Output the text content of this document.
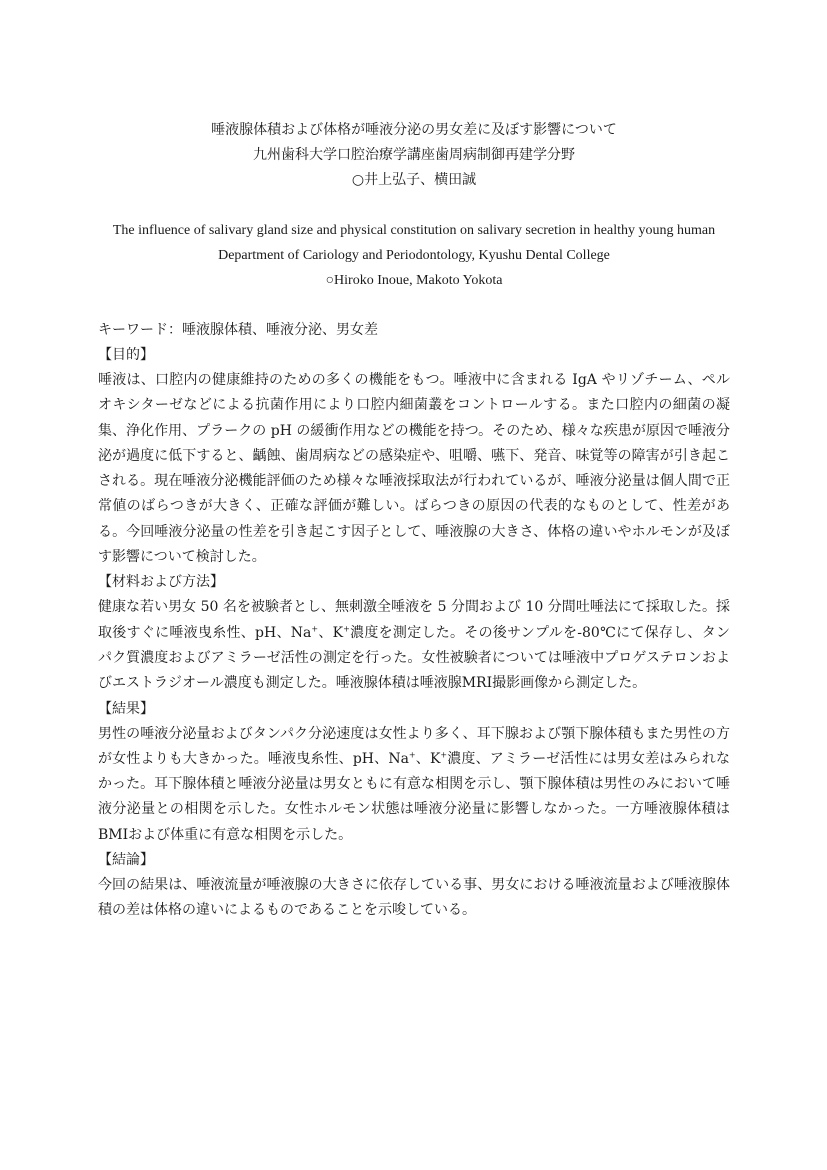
唾液腺体積および体格が唾液分泌の男女差に及ぼす影響について
九州歯科大学口腔治療学講座歯周病制御再建学分野
○井上弘子、横田誠
The influence of salivary gland size and physical constitution on salivary secretion in healthy young human
Department of Cariology and Periodontology, Kyushu Dental College
○Hiroko Inoue, Makoto Yokota
キーワード：唾液腺体積、唾液分泌、男女差
【目的】
唾液は、口腔内の健康維持のための多くの機能をもつ。唾液中に含まれる IgA やリゾチーム、ペルオキシターゼなどによる抗菌作用により口腔内細菌叢をコントロールする。また口腔内の細菌の凝集、浄化作用、プラークの pH の緩衝作用などの機能を持つ。そのため、様々な疾患が原因で唾液分泌が過度に低下すると、齲蝕、歯周病などの感染症や、咀嚼、嚥下、発音、味覚等の障害が引き起こされる。現在唾液分泌機能評価のため様々な唾液採取法が行われているが、唾液分泌量は個人間で正常値のばらつきが大きく、正確な評価が難しい。ばらつきの原因の代表的なものとして、性差がある。今回唾液分泌量の性差を引き起こす因子として、唾液腺の大きさ、体格の違いやホルモンが及ぼす影響について検討した。
【材料および方法】
健康な若い男女 50 名を被験者とし、無刺激全唾液を 5 分間および 10 分間吐唾法にて採取した。採取後すぐに唾液曳糸性、pH、Na+、K+濃度を測定した。その後サンプルを-80℃にて保存し、タンパク質濃度およびアミラーゼ活性の測定を行った。女性被験者については唾液中プロゲステロンおよびエストラジオール濃度も測定した。唾液腺体積は唾液腺MRI撮影画像から測定した。
【結果】
男性の唾液分泌量およびタンパク分泌速度は女性より多く、耳下腺および顎下腺体積もまた男性の方が女性よりも大きかった。唾液曳糸性、pH、Na+、K+濃度、アミラーゼ活性には男女差はみられなかった。耳下腺体積と唾液分泌量は男女ともに有意な相関を示し、顎下腺体積は男性のみにおいて唾液分泌量との相関を示した。女性ホルモン状態は唾液分泌量に影響しなかった。一方唾液腺体積はBMIおよび体重に有意な相関を示した。
【結論】
今回の結果は、唾液流量が唾液腺の大きさに依存している事、男女における唾液流量および唾液腺体積の差は体格の違いによるものであることを示唆している。
